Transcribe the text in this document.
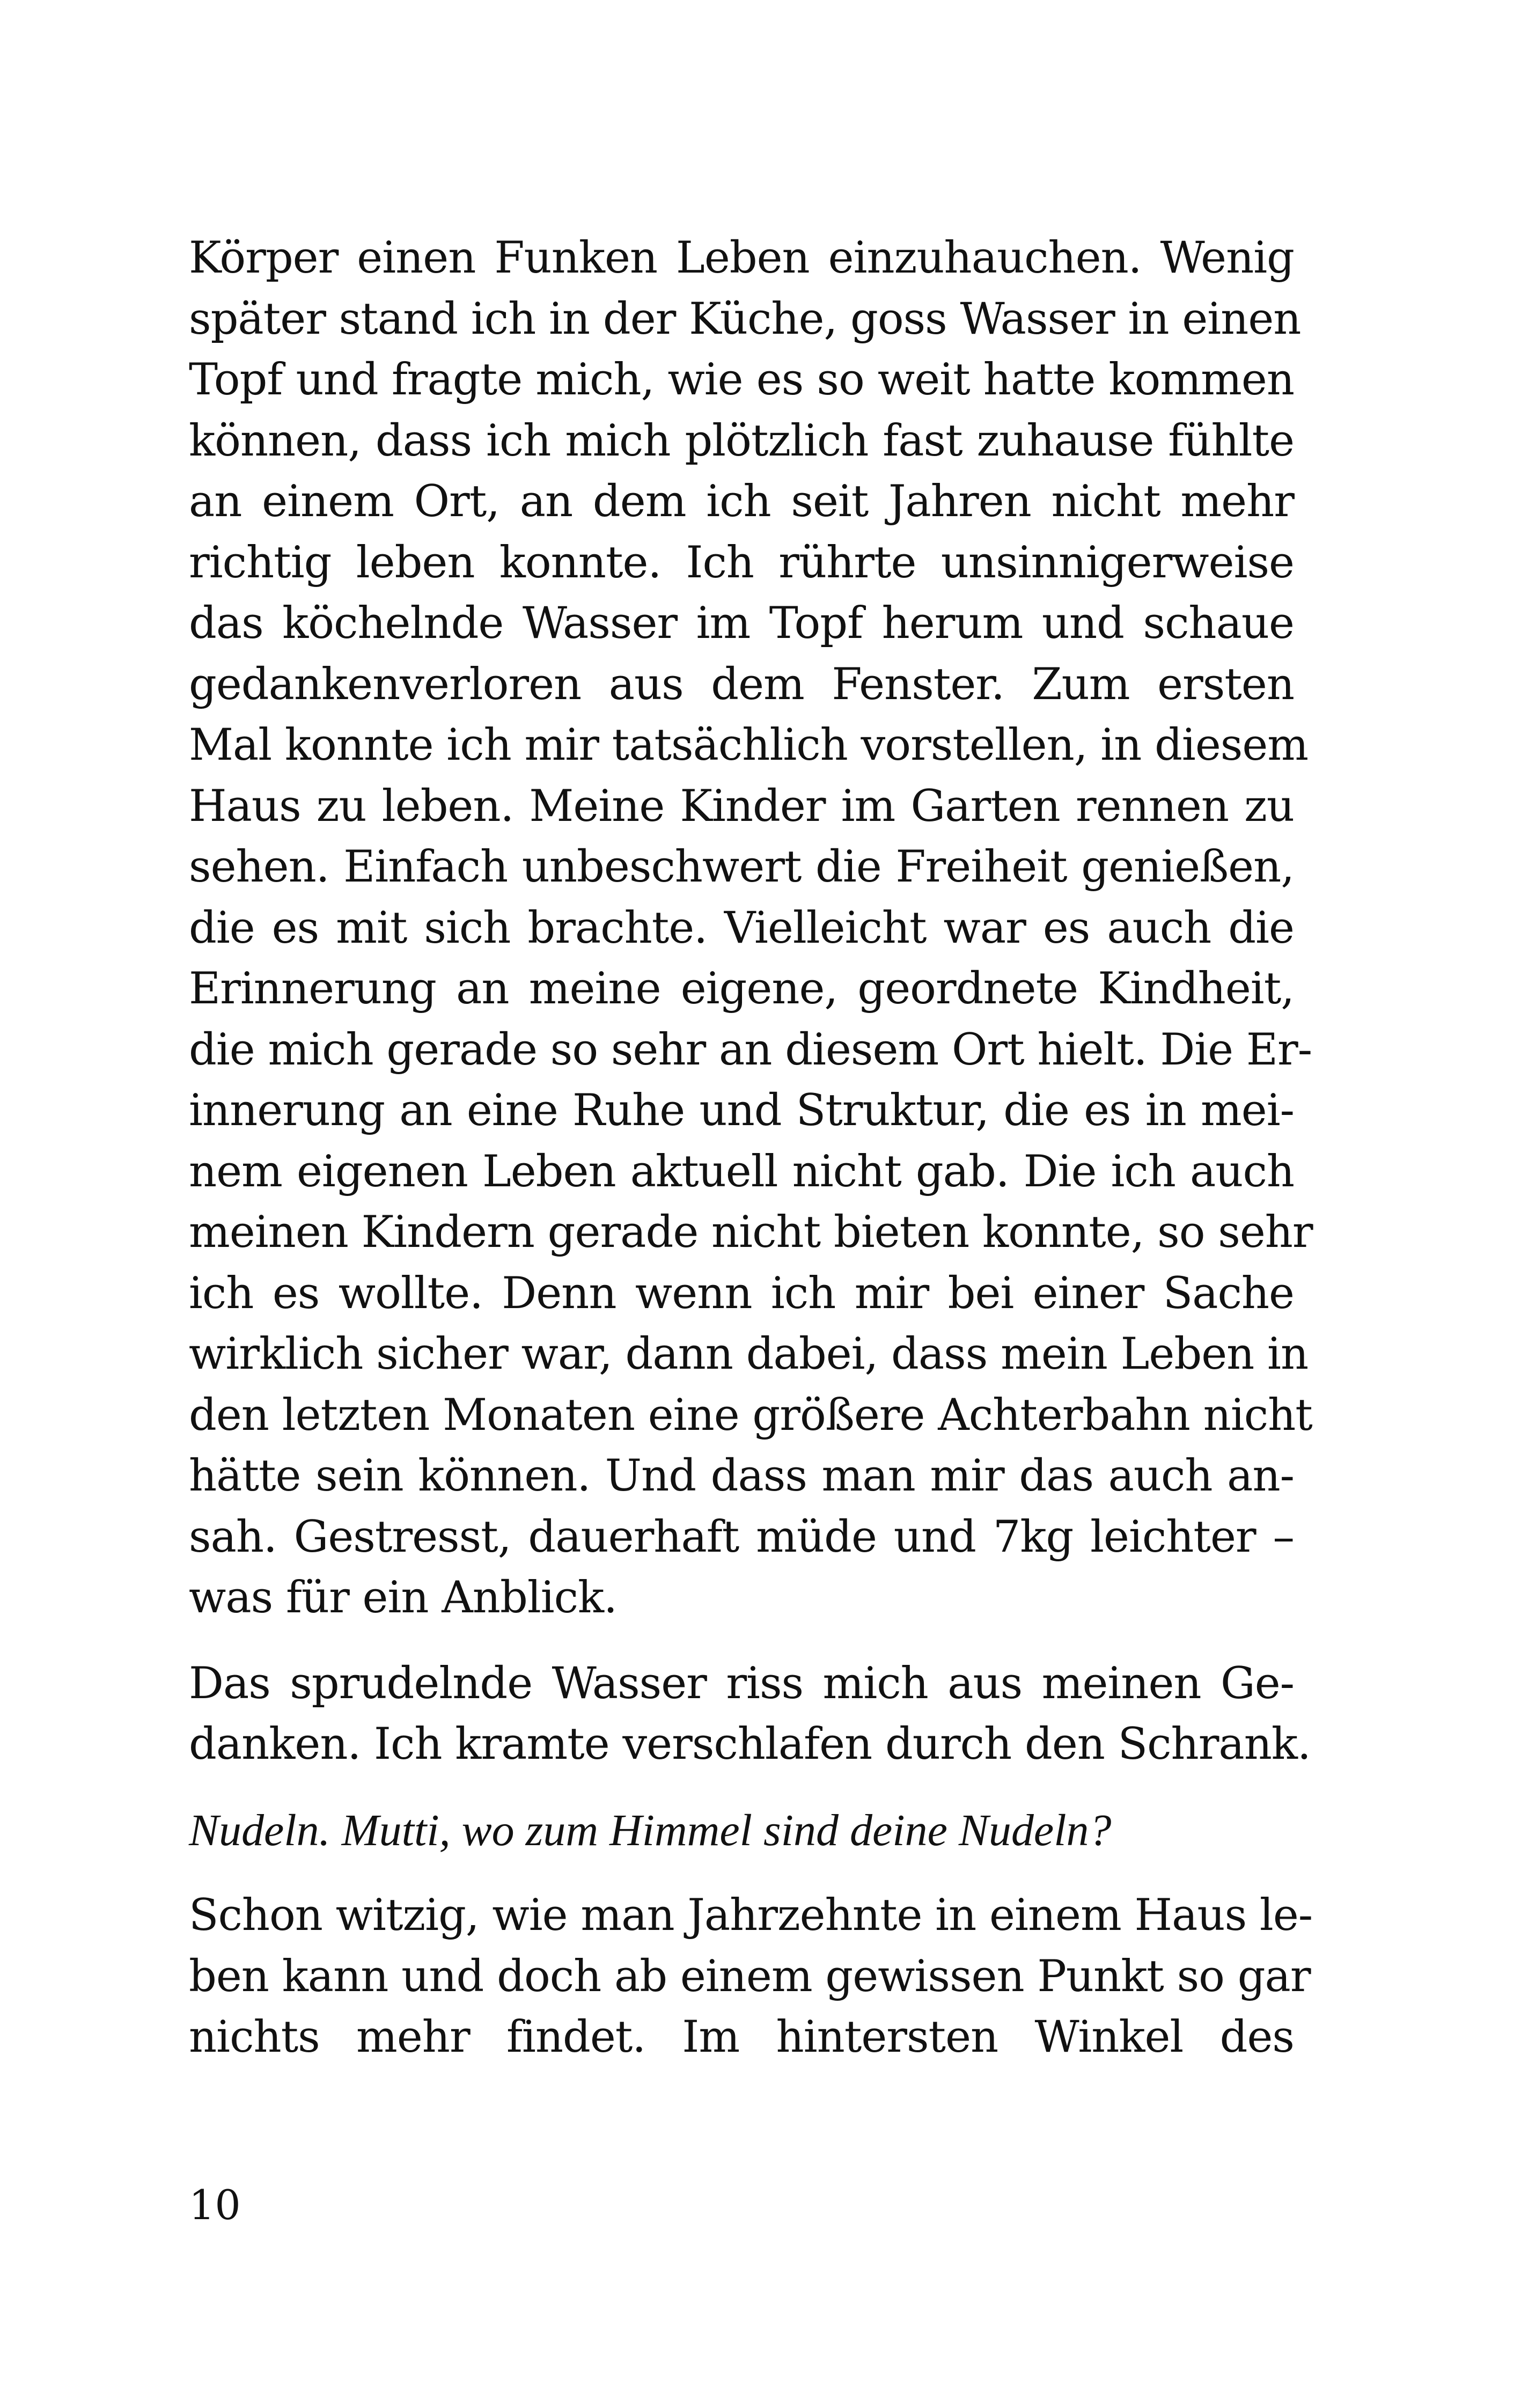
Körper einen Funken Leben einzuhauchen. Wenig
später stand ich in der Küche, goss Wasser in einen
Topf und fragte mich, wie es so weit hatte kommen
können, dass ich mich plötzlich fast zuhause fühlte
an einem Ort, an dem ich seit Jahren nicht mehr
richtig leben konnte. Ich rührte unsinnigerweise
das köchelnde Wasser im Topf herum und schaue
gedankenverloren aus dem Fenster. Zum ersten
Mal konnte ich mir tatsächlich vorstellen, in diesem
Haus zu leben. Meine Kinder im Garten rennen zu
sehen. Einfach unbeschwert die Freiheit genießen,
die es mit sich brachte. Vielleicht war es auch die
Erinnerung an meine eigene, geordnete Kindheit,
die mich gerade so sehr an diesem Ort hielt. Die Er-
innerung an eine Ruhe und Struktur, die es in mei-
nem eigenen Leben aktuell nicht gab. Die ich auch
meinen Kindern gerade nicht bieten konnte, so sehr
ich es wollte. Denn wenn ich mir bei einer Sache
wirklich sicher war, dann dabei, dass mein Leben in
den letzten Monaten eine größere Achterbahn nicht
hätte sein können. Und dass man mir das auch an-
sah. Gestresst, dauerhaft müde und 7kg leichter –
was für ein Anblick.
Das sprudelnde Wasser riss mich aus meinen Ge-
danken. Ich kramte verschlafen durch den Schrank.
Nudeln. Mutti, wo zum Himmel sind deine Nudeln?
Schon witzig, wie man Jahrzehnte in einem Haus le-
ben kann und doch ab einem gewissen Punkt so gar
nichts mehr findet. Im hintersten Winkel des
10
